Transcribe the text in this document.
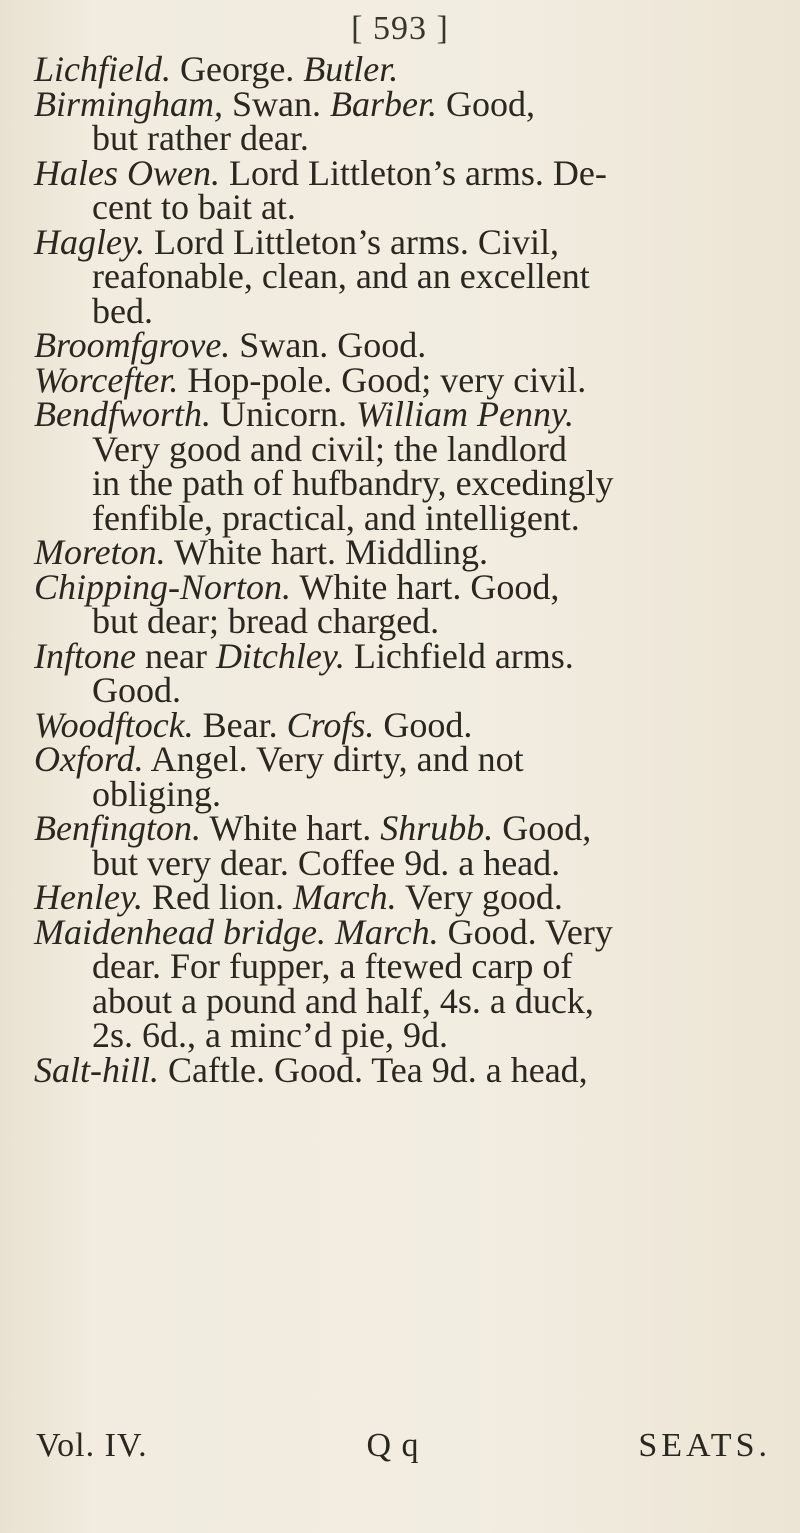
[ 593 ]

Lichfield. George. Butler.

Birmingham, Swan. Barber. Good,
but rather dear.

Hales Owen. Lord Littleton’s arms. De-
cent to bait at.

Hagley. Lord Littleton’s arms. Civil,
reafonable, clean, and an excellent
bed.

Broomfgrove. Swan. Good.

Worcefter. Hop-pole. Good; very civil.

Bendfworth. Unicorn. William Penny.
Very good and civil; the landlord
in the path of hufbandry, excedingly
fenfible, practical, and intelligent.

Moreton. White hart. Middling.

Chipping-Norton. White hart. Good,
but dear; bread charged.

Inftone near Ditchley. Lichfield arms.
Good.

Woodftock. Bear. Crofs. Good.

Oxford. Angel. Very dirty, and not
obliging.

Benfington. White hart. Shrubb. Good,
but very dear. Coffee 9d. a head.

Henley. Red lion. March. Very good.

Maidenhead bridge. March. Good. Very
dear. For fupper, a ftewed carp of
about a pound and half, 4s. a duck,
2s. 6d., a minc’d pie, 9d.

Salt-hill. Caftle. Good. Tea 9d. a head,

Vol. IV.	Q q	SEATS.
